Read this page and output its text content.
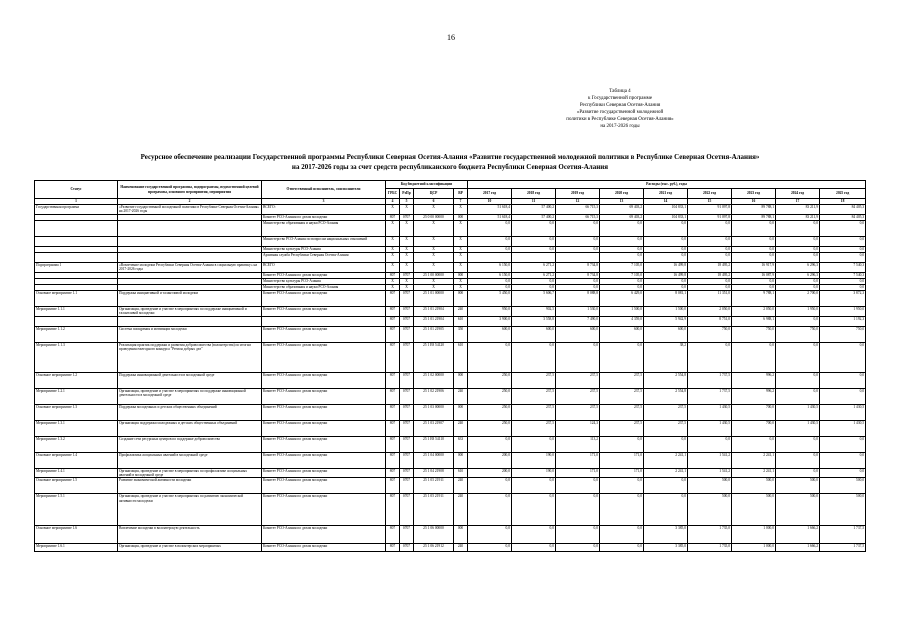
16
Таблица 4
к Государственной программе
Республики Северная Осетия-Алания
«Развитие государственной молодежной
политики в Республике Северная Осетия-Алания»
на 2017-2026 годы
Ресурсное обеспечение реализации Государственной программы Республики Северная Осетия-Алания «Развитие государственной молодежной политики в Республике Северная Осетия-Алания»
на 2017-2026 годы за счет средств республиканского бюджета Республики Северная Осетия-Алания
Статус	Наименование государственной программы, подпрограммы, ведомственной целевой программы, основного мероприятия, мероприятия	Ответственный исполнитель, соисполнители	Код бюджетной классификации				Расходы (тыс. руб.), годы								
			ГРБС	РзПр	ЦСР	ВР	2017 год	2018 год	2019 год	2020 год	2021 год	2022 год	2023 год	2024 год	2025 год
1	2	3	4	5	6	7	10	11	12	13	14	15	16	17	18
Государственная программа	«Развитие государственной молодежной политики в Республике Северная Осетия-Алания» на 2017-2026 годы	ВСЕГО:	X	X	X	X	51 618,4	57 400,2	66 715,3	69 403,2	104 833,1	91 097,8	89 788,1	83 211,9	84 405,3
		Комитет РСО-Алания по делам молодежи	807	0707	25 0 00 00000	000	51 618,4	57 400,2	66 715,3	69 403,2	104 833,1	91 097,8	89 788,1	83 211,9	84 405,3
		Министерство образования и науки РСО-Алания	X	X	X	X	0,0	0,0	0,0	0,0	0,0	0,0	0,0	0,0	0,0
		Министерство РСО-Алания по вопросам национальных отношений	X	X	X	X	0,0	0,0	0,0	0,0	0,0	0,0	0,0	0,0	0,0
		Министерство культуры РСО-Алания	X	X	X	X	0,0	0,0	0,0	0,0	0,0	0,0	0,0	0,0	0,0
		Архивная служба Республики Северная Осетия-Алания	X	X	X	X				0,0	0,0	0,0	0,0	0,0	0,0
Подпрограмма 1	«Вовлечение молодежи Республики Северная Осетия-Алания в социальную практику» на 2017-2026 годы	ВСЕГО	X	X	X	X	6 150,0	6 271,2	8 734,8	7 105,0	16 499,8	18 495,2	16 917,9	6 296,3	7 540,3
		Комитет РСО-Алания по делам молодежи	807	0707	25 1 00 00000	000	6 150,0	6 271,2	8 734,8	7 105,0	16 499,8	18 495,2	16 087,9	6 296,3	7 540,3
		Министерство культуры РСО-Алания	X	X	X	X	0,0	0,0	0,0	0,0	0,0	0,0	0,0	0,0	0,0
		Министерство образования и науки РСО-Алания	X	X	X	X	0,0	0,0	0,0	0,0	0,0	0,0	0,0	0,0	0,0
Основное мероприятие 1.1	Поддержка инициативной и талантливой молодежи	Комитет РСО-Алания по делам молодежи	807	0707	25 1 01 00000	000	5 450,0	5 606,7	8 088,8	6 429,0	8 081,1	11 351,0	9 788,1	2 700,0	3 872,3
Мероприятие 1.1.1	Организация, проведение и участие в мероприятиях по поддержке инициативной и талантливой молодежи	Комитет РСО-Алания по делам молодежи	807	0707	25 1 01 21904	240	950,0	902,5	1 530,0	1 500,0	1 500,0	2 050,0	2 050,0	1 950,0	1 950,0
			807	0707	25 1 01 21904	610	3 900,0	3 558,8	7 490,0	4 359,0	5 942,9	8 751,0	6 988,1	0,0	1 192,3
Мероприятие 1.1.2	Система поощрения и мотивации молодежи	Комитет РСО-Алания по делам молодежи	807	0707	25 1 01 21905	350	600,0	600,0	600,0	600,0	600,0	750,0	750,0	750,0	750,0
Мероприятие 1.1.3	Реализация практик поддержки и развития добровольчества (волонтерства) по итогам проведения ежегодного конкурса "Регион добрых дел"	Комитет РСО-Алания по делам молодежи	807	0707	25 1 E8 54120	610	0,0	0,0	0,0	0,0	38,2	0,0	0,0	0,0	0,0
Основное мероприятие 1.2	Поддержка инновационной деятельности в молодежной среде	Комитет РСО-Алания по делам молодежи	807	0707	25 1 02 00000	000	250,0	237,5	237,5	237,5	2 554,8	1 737,5	996,2	0,0	0,0
Мероприятие 1.2.1	Организация, проведение и участие в мероприятиях по поддержке инновационной деятельности в молодежной среде	Комитет РСО-Алания по делам молодежи	807	0707	25 1 02 21906	240	250,0	237,5	237,5	237,5	2 554,8	1 737,5	996,2	0,0	0,0
Основное мероприятие 1.3	Поддержка молодежных и детских общественных объединений	Комитет РСО-Алания по делам молодежи	807	0707	25 1 03 00000	000	250,0	237,5	237,5	237,5	237,5	1 430,5	700,0	1 430,5	1 430,5
Мероприятие 1.3.1	Организация поддержки молодежных и детских общественных объединений	Комитет РСО-Алания по делам молодежи	807	0707	25 1 03 21907	240	250,0	237,5	124,3	237,5	237,5	1 430,5	700,0	1 430,5	1 430,5
Мероприятие 1.3.2	Создание сети ресурсных центров по поддержке добровольчества	Комитет РСО-Алания по делам молодежи	807	0707	25 1 E8 54110	633	0,0	0,0	113,2	0,0	0,0	0,0	0,0	0,0	0,0
Основное мероприятие 1.4	Профилактика асоциальных явлений в молодежной среде	Комитет РСО-Алания по делам молодежи	807	0707	25 1 04 00000	000	200,0	190,0	171,0	171,0	2 241,1	1 541,2	2 241,1	0,0	0,0
Мероприятие 1.4.1	Организация, проведение и участие в мероприятиях по профилактике асоциальных явлений в молодежной среде	Комитет РСО-Алания по делам молодежи	807	0707	25 1 04 21908	610	200,0	190,0	171,0	171,0	2 241,1	1 541,2	2 241,1	0,0	0,0
Основное мероприятие 1.5	Развитие экономической активности молодежи	Комитет РСО-Алания по делам молодежи	807	0707	25 1 05 21911	240	0,0	0,0	0,0	0,0	0,0	500,0	500,0	500,0	500,0
Мероприятие 1.5.1	Организация, проведение и участие в мероприятиях по развитию экономической активности молодежи	Комитет РСО-Алания по делам молодежи	807	0707	25 1 05 21911	240	0,0	0,0	0,0	0,0	0,0	500,0	500,0	500,0	500,0
Основное мероприятие 1.6	Вовлечение молодежи в волонтерскую деятельность	Комитет РСО-Алания по делам молодежи	807	0707	25 1 06 00000	000	0,0	0,0	0,0	0,0	3 385,0	1 735,0	1 000,0	1 666,2	1 737,5
Мероприятие 1.6.1	Организация, проведение и участие в волонтерских мероприятиях	Комитет РСО-Алания по делам молодежи	807	0707	25 1 06 21912	240	0,0	0,0	0,0	0,0	3 385,0	1 735,0	1 000,0	1 666,2	1 737,5
